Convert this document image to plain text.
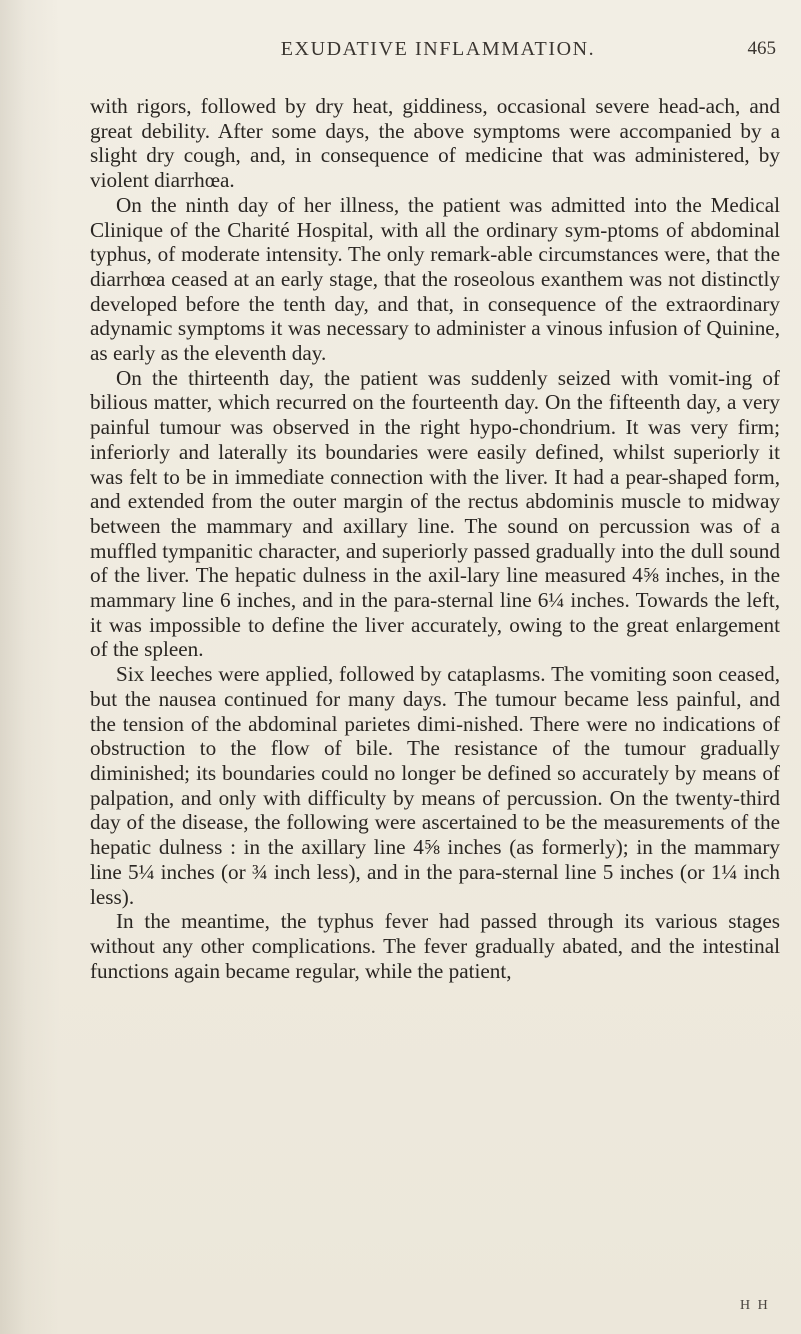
EXUDATIVE INFLAMMATION.	465

with rigors, followed by dry heat, giddiness, occasional severe head-ach, and great debility. After some days, the above symptoms were accompanied by a slight dry cough, and, in consequence of medicine that was administered, by violent diarrhœa.

On the ninth day of her illness, the patient was admitted into the Medical Clinique of the Charité Hospital, with all the ordinary sym-ptoms of abdominal typhus, of moderate intensity. The only remark-able circumstances were, that the diarrhœa ceased at an early stage, that the roseolous exanthem was not distinctly developed before the tenth day, and that, in consequence of the extraordinary adynamic symptoms it was necessary to administer a vinous infusion of Quinine, as early as the eleventh day.

On the thirteenth day, the patient was suddenly seized with vomit-ing of bilious matter, which recurred on the fourteenth day. On the fifteenth day, a very painful tumour was observed in the right hypo-chondrium. It was very firm; inferiorly and laterally its boundaries were easily defined, whilst superiorly it was felt to be in immediate connection with the liver. It had a pear-shaped form, and extended from the outer margin of the rectus abdominis muscle to midway between the mammary and axillary line. The sound on percussion was of a muffled tympanitic character, and superiorly passed gradually into the dull sound of the liver. The hepatic dulness in the axil-lary line measured 4⅝ inches, in the mammary line 6 inches, and in the para-sternal line 6¼ inches. Towards the left, it was impossible to define the liver accurately, owing to the great enlargement of the spleen.

Six leeches were applied, followed by cataplasms. The vomiting soon ceased, but the nausea continued for many days. The tumour became less painful, and the tension of the abdominal parietes dimi-nished. There were no indications of obstruction to the flow of bile. The resistance of the tumour gradually diminished; its boundaries could no longer be defined so accurately by means of palpation, and only with difficulty by means of percussion. On the twenty-third day of the disease, the following were ascertained to be the measurements of the hepatic dulness : in the axillary line 4⅝ inches (as formerly); in the mammary line 5¼ inches (or ¾ inch less), and in the para-sternal line 5 inches (or 1¼ inch less).

In the meantime, the typhus fever had passed through its various stages without any other complications. The fever gradually abated, and the intestinal functions again became regular, while the patient,

H H
